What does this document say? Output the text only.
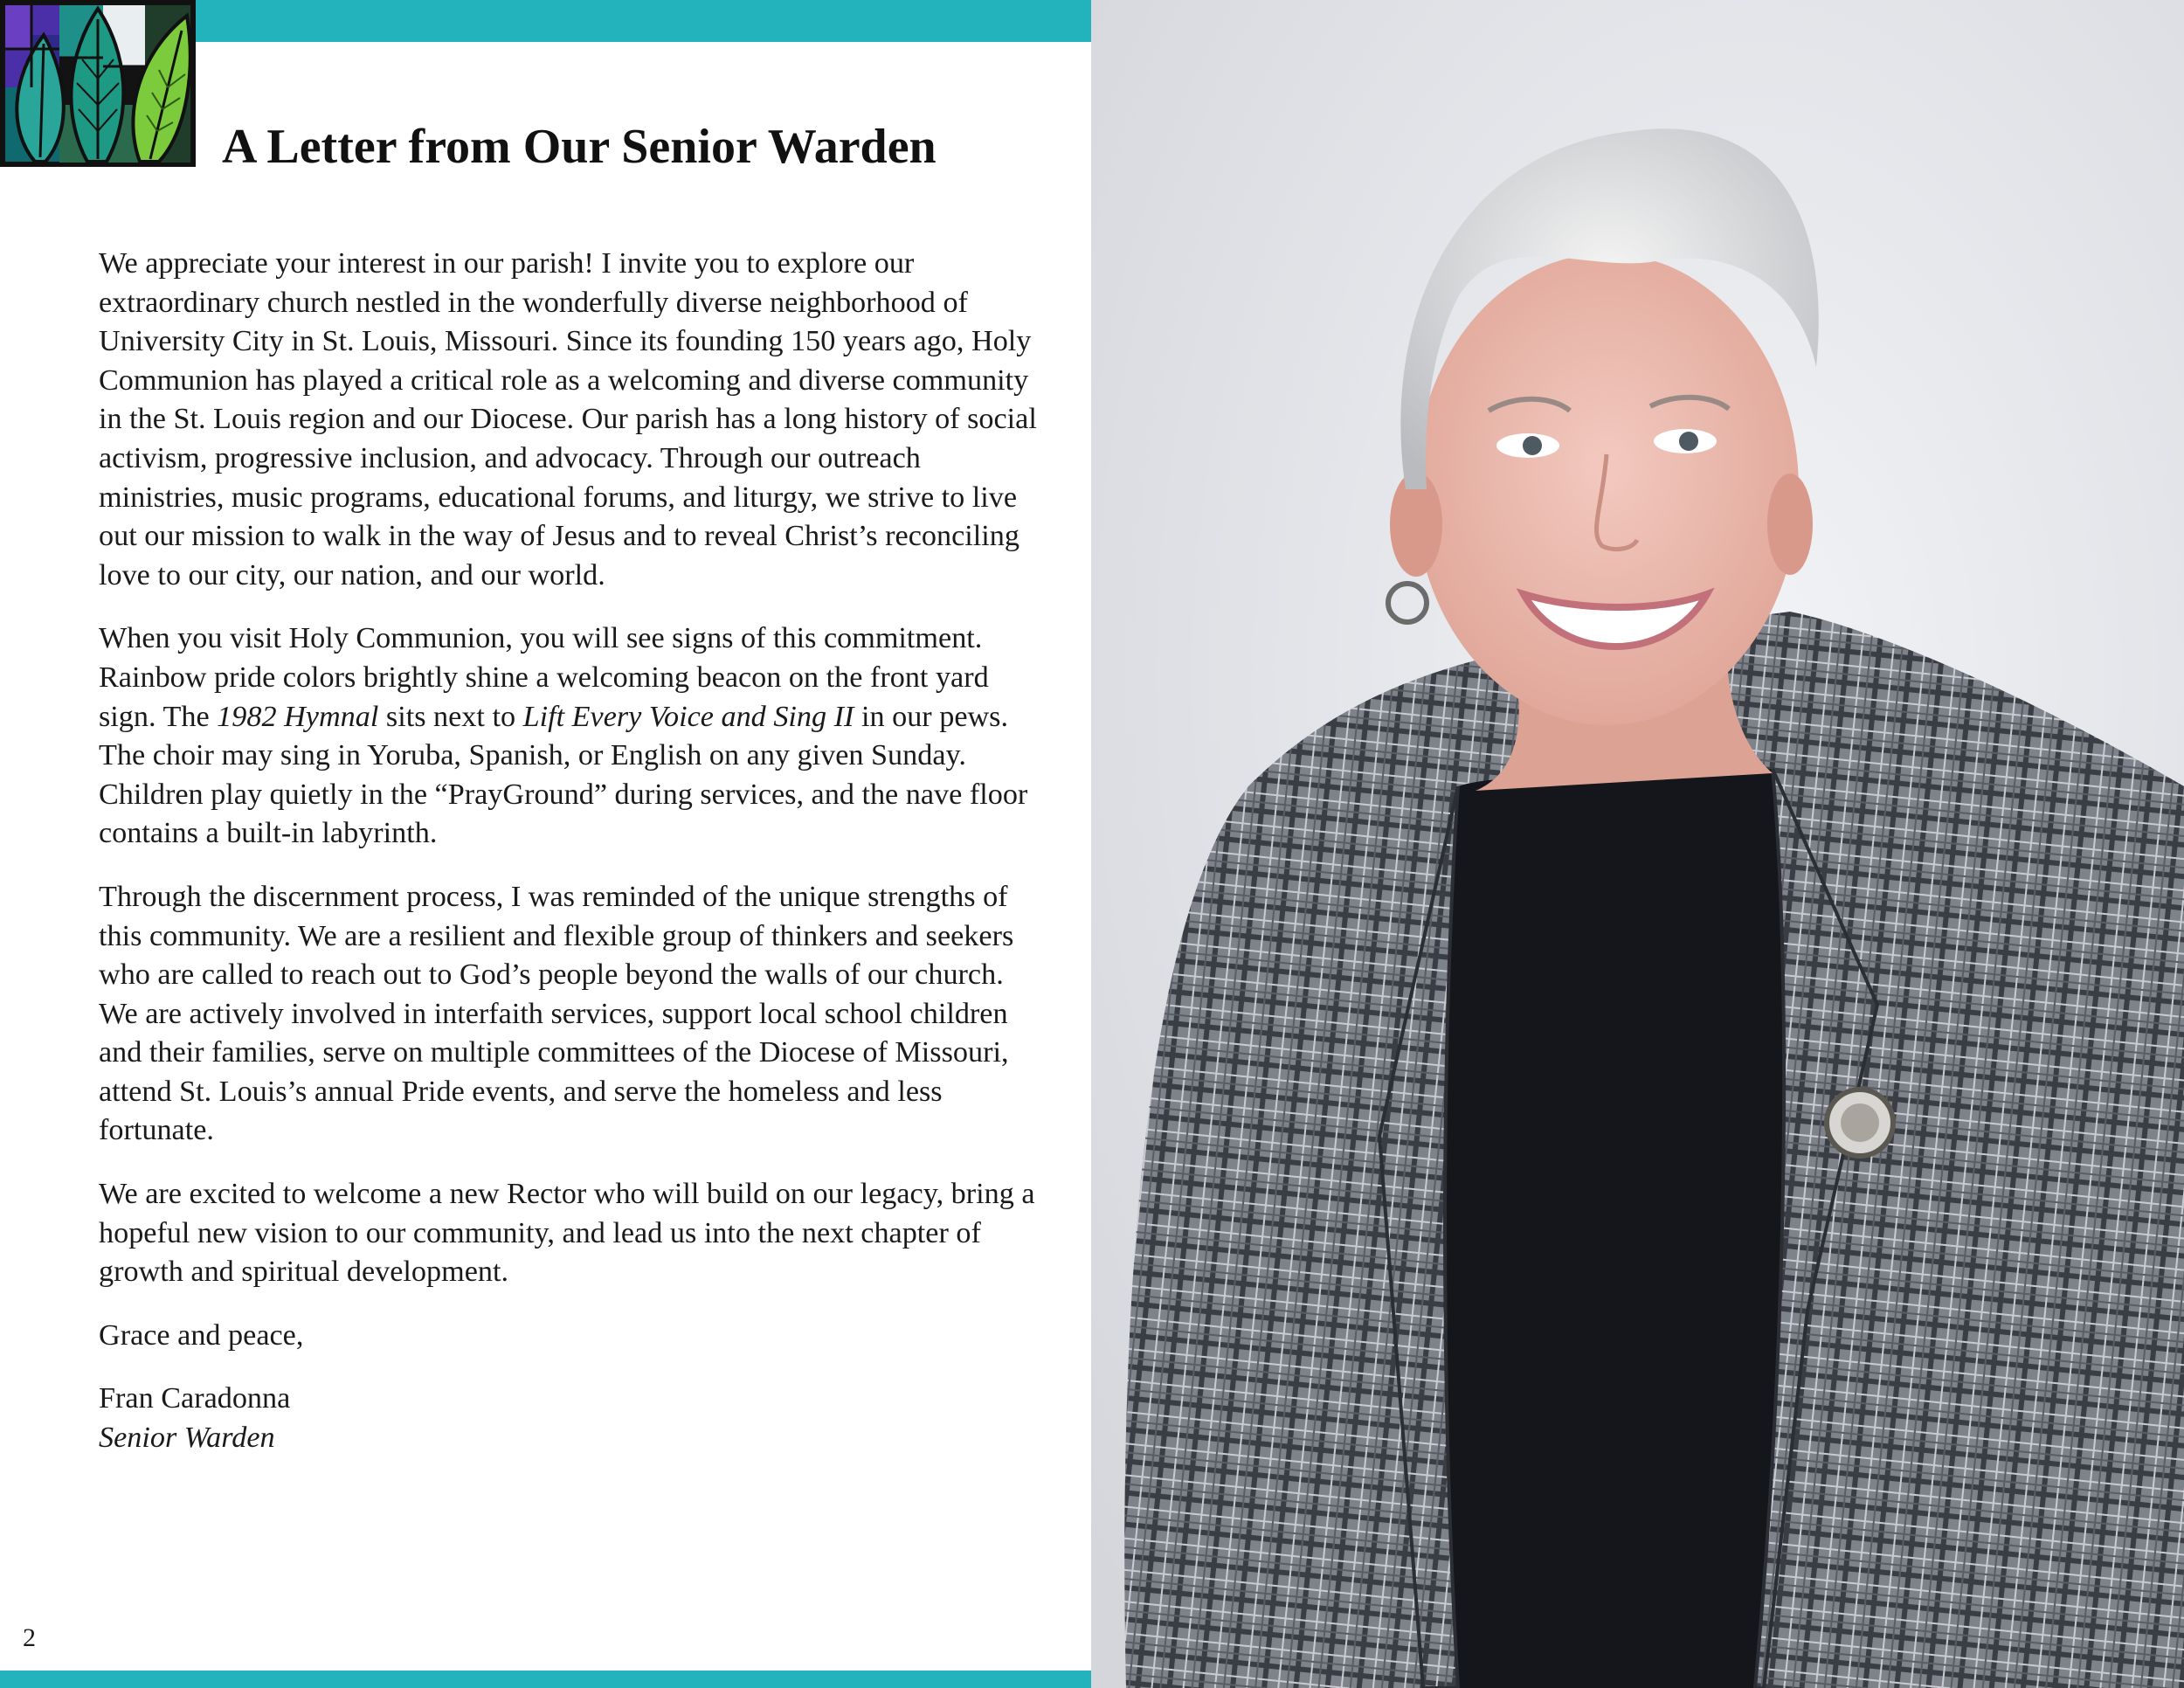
A Letter from Our Senior Warden

We appreciate your interest in our parish! I invite you to explore our extraordinary church nestled in the wonderfully diverse neighborhood of University City in St. Louis, Missouri. Since its founding 150 years ago, Holy Communion has played a critical role as a welcoming and diverse community in the St. Louis region and our Diocese. Our parish has a long history of social activism, progressive inclusion, and advocacy. Through our outreach ministries, music programs, educational forums, and liturgy, we strive to live out our mission to walk in the way of Jesus and to reveal Christ’s reconciling love to our city, our nation, and our world.

When you visit Holy Communion, you will see signs of this commitment. Rainbow pride colors brightly shine a welcoming beacon on the front yard sign. The 1982 Hymnal sits next to Lift Every Voice and Sing II in our pews. The choir may sing in Yoruba, Spanish, or English on any given Sunday. Children play quietly in the “PrayGround” during services, and the nave floor contains a built-in labyrinth.

Through the discernment process, I was reminded of the unique strengths of this community. We are a resilient and flexible group of thinkers and seekers who are called to reach out to God’s people beyond the walls of our church. We are actively involved in interfaith services, support local school children and their families, serve on multiple committees of the Diocese of Missouri, attend St. Louis’s annual Pride events, and serve the homeless and less fortunate.

We are excited to welcome a new Rector who will build on our legacy, bring a hopeful new vision to our community, and lead us into the next chapter of growth and spiritual development.

Grace and peace,

Fran Caradonna
Senior Warden

2
